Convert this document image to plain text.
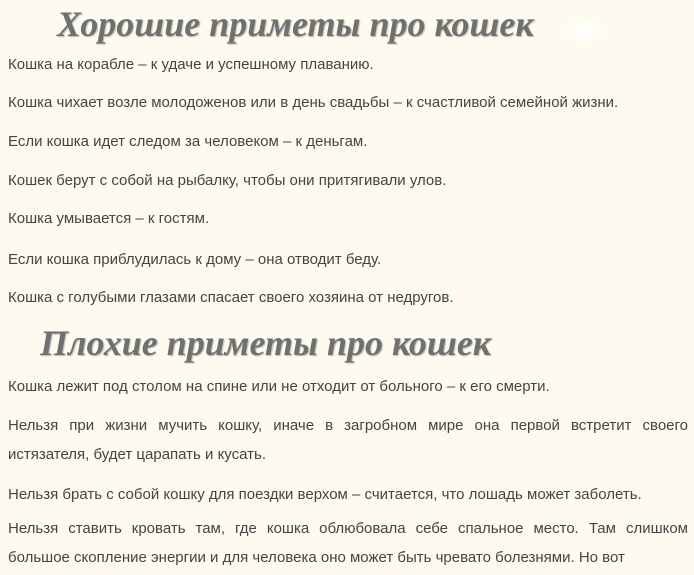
Хорошие приметы про кошек

Кошка на корабле – к удаче и успешному плаванию.

Кошка чихает возле молодоженов или в день свадьбы – к счастливой семейной жизни.

Если кошка идет следом за человеком – к деньгам.

Кошек берут с собой на рыбалку, чтобы они притягивали улов.

Кошка умывается – к гостям.

Если кошка приблудилась к дому – она отводит беду.

Кошка с голубыми глазами спасает своего хозяина от недругов.

Плохие приметы про кошек

Кошка лежит под столом на спине или не отходит от больного – к его смерти.

Нельзя при жизни мучить кошку, иначе в загробном мире она первой встретит своего истязателя, будет царапать и кусать.

Нельзя брать с собой кошку для поездки верхом – считается, что лошадь может заболеть.

Нельзя ставить кровать там, где кошка облюбовала себе спальное место. Там слишком большое скопление энергии и для человека оно может быть чревато болезнями. Но вот
